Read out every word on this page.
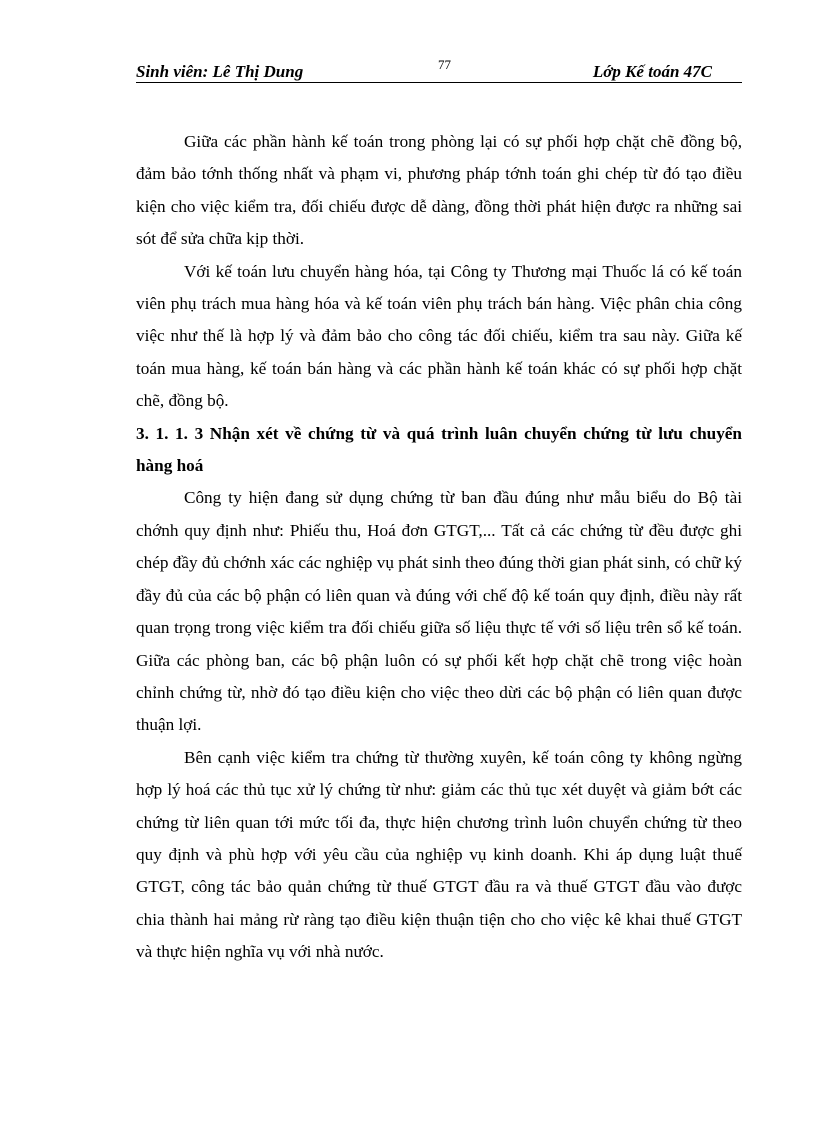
Sinh viên: Lê Thị Dung	77	Lớp Kế toán 47C

Giữa các phần hành kế toán trong phòng lại có sự phối hợp chặt chẽ đồng bộ, đảm bảo tớnh thống nhất và phạm vi, phương pháp tớnh toán ghi chép từ đó tạo điều kiện cho việc kiểm tra, đối chiếu được dễ dàng, đồng thời phát hiện được ra những sai sót để sửa chữa kịp thời.

Với kế toán lưu chuyển hàng hóa, tại Công ty Thương mại Thuốc lá có kế toán viên phụ trách mua hàng hóa và kế toán viên phụ trách bán hàng. Việc phân chia công việc như thế là hợp lý và đảm bảo cho công tác đối chiếu, kiểm tra sau này. Giữa kế toán mua hàng, kế toán bán hàng và các phần hành kế toán khác có sự phối hợp chặt chẽ, đồng bộ.

3. 1. 1. 3 Nhận xét về chứng từ và quá trình luân chuyển chứng từ lưu chuyển hàng hoá

Công ty hiện đang sử dụng chứng từ ban đầu đúng như mẫu biểu do Bộ tài chớnh quy định như: Phiếu thu, Hoá đơn GTGT,... Tất cả các chứng từ đều được ghi chép đầy đủ chớnh xác các nghiệp vụ phát sinh theo đúng thời gian phát sinh, có chữ ký đầy đủ của các bộ phận có liên quan và đúng với chế độ kế toán quy định, điều này rất quan trọng trong việc kiểm tra đối chiếu giữa số liệu thực tế với số liệu trên sổ kế toán. Giữa các phòng ban, các bộ phận luôn có sự phối kết hợp chặt chẽ trong việc hoàn chỉnh chứng từ, nhờ đó tạo điều kiện cho việc theo dừi các bộ phận có liên quan được thuận lợi.

Bên cạnh việc kiểm tra chứng từ thường xuyên, kế toán công ty không ngừng hợp lý hoá các thủ tục xử lý chứng từ như: giảm các thủ tục xét duyệt và giảm bớt các chứng từ liên quan tới mức tối đa, thực hiện chương trình luôn chuyển chứng từ theo quy định và phù hợp với yêu cầu của nghiệp vụ kinh doanh. Khi áp dụng luật thuế GTGT, công tác bảo quản chứng từ thuế GTGT đầu ra và thuế GTGT đầu vào được chia thành hai mảng rừ ràng tạo điều kiện thuận tiện cho cho việc kê khai thuế GTGT và thực hiện nghĩa vụ với nhà nước.
